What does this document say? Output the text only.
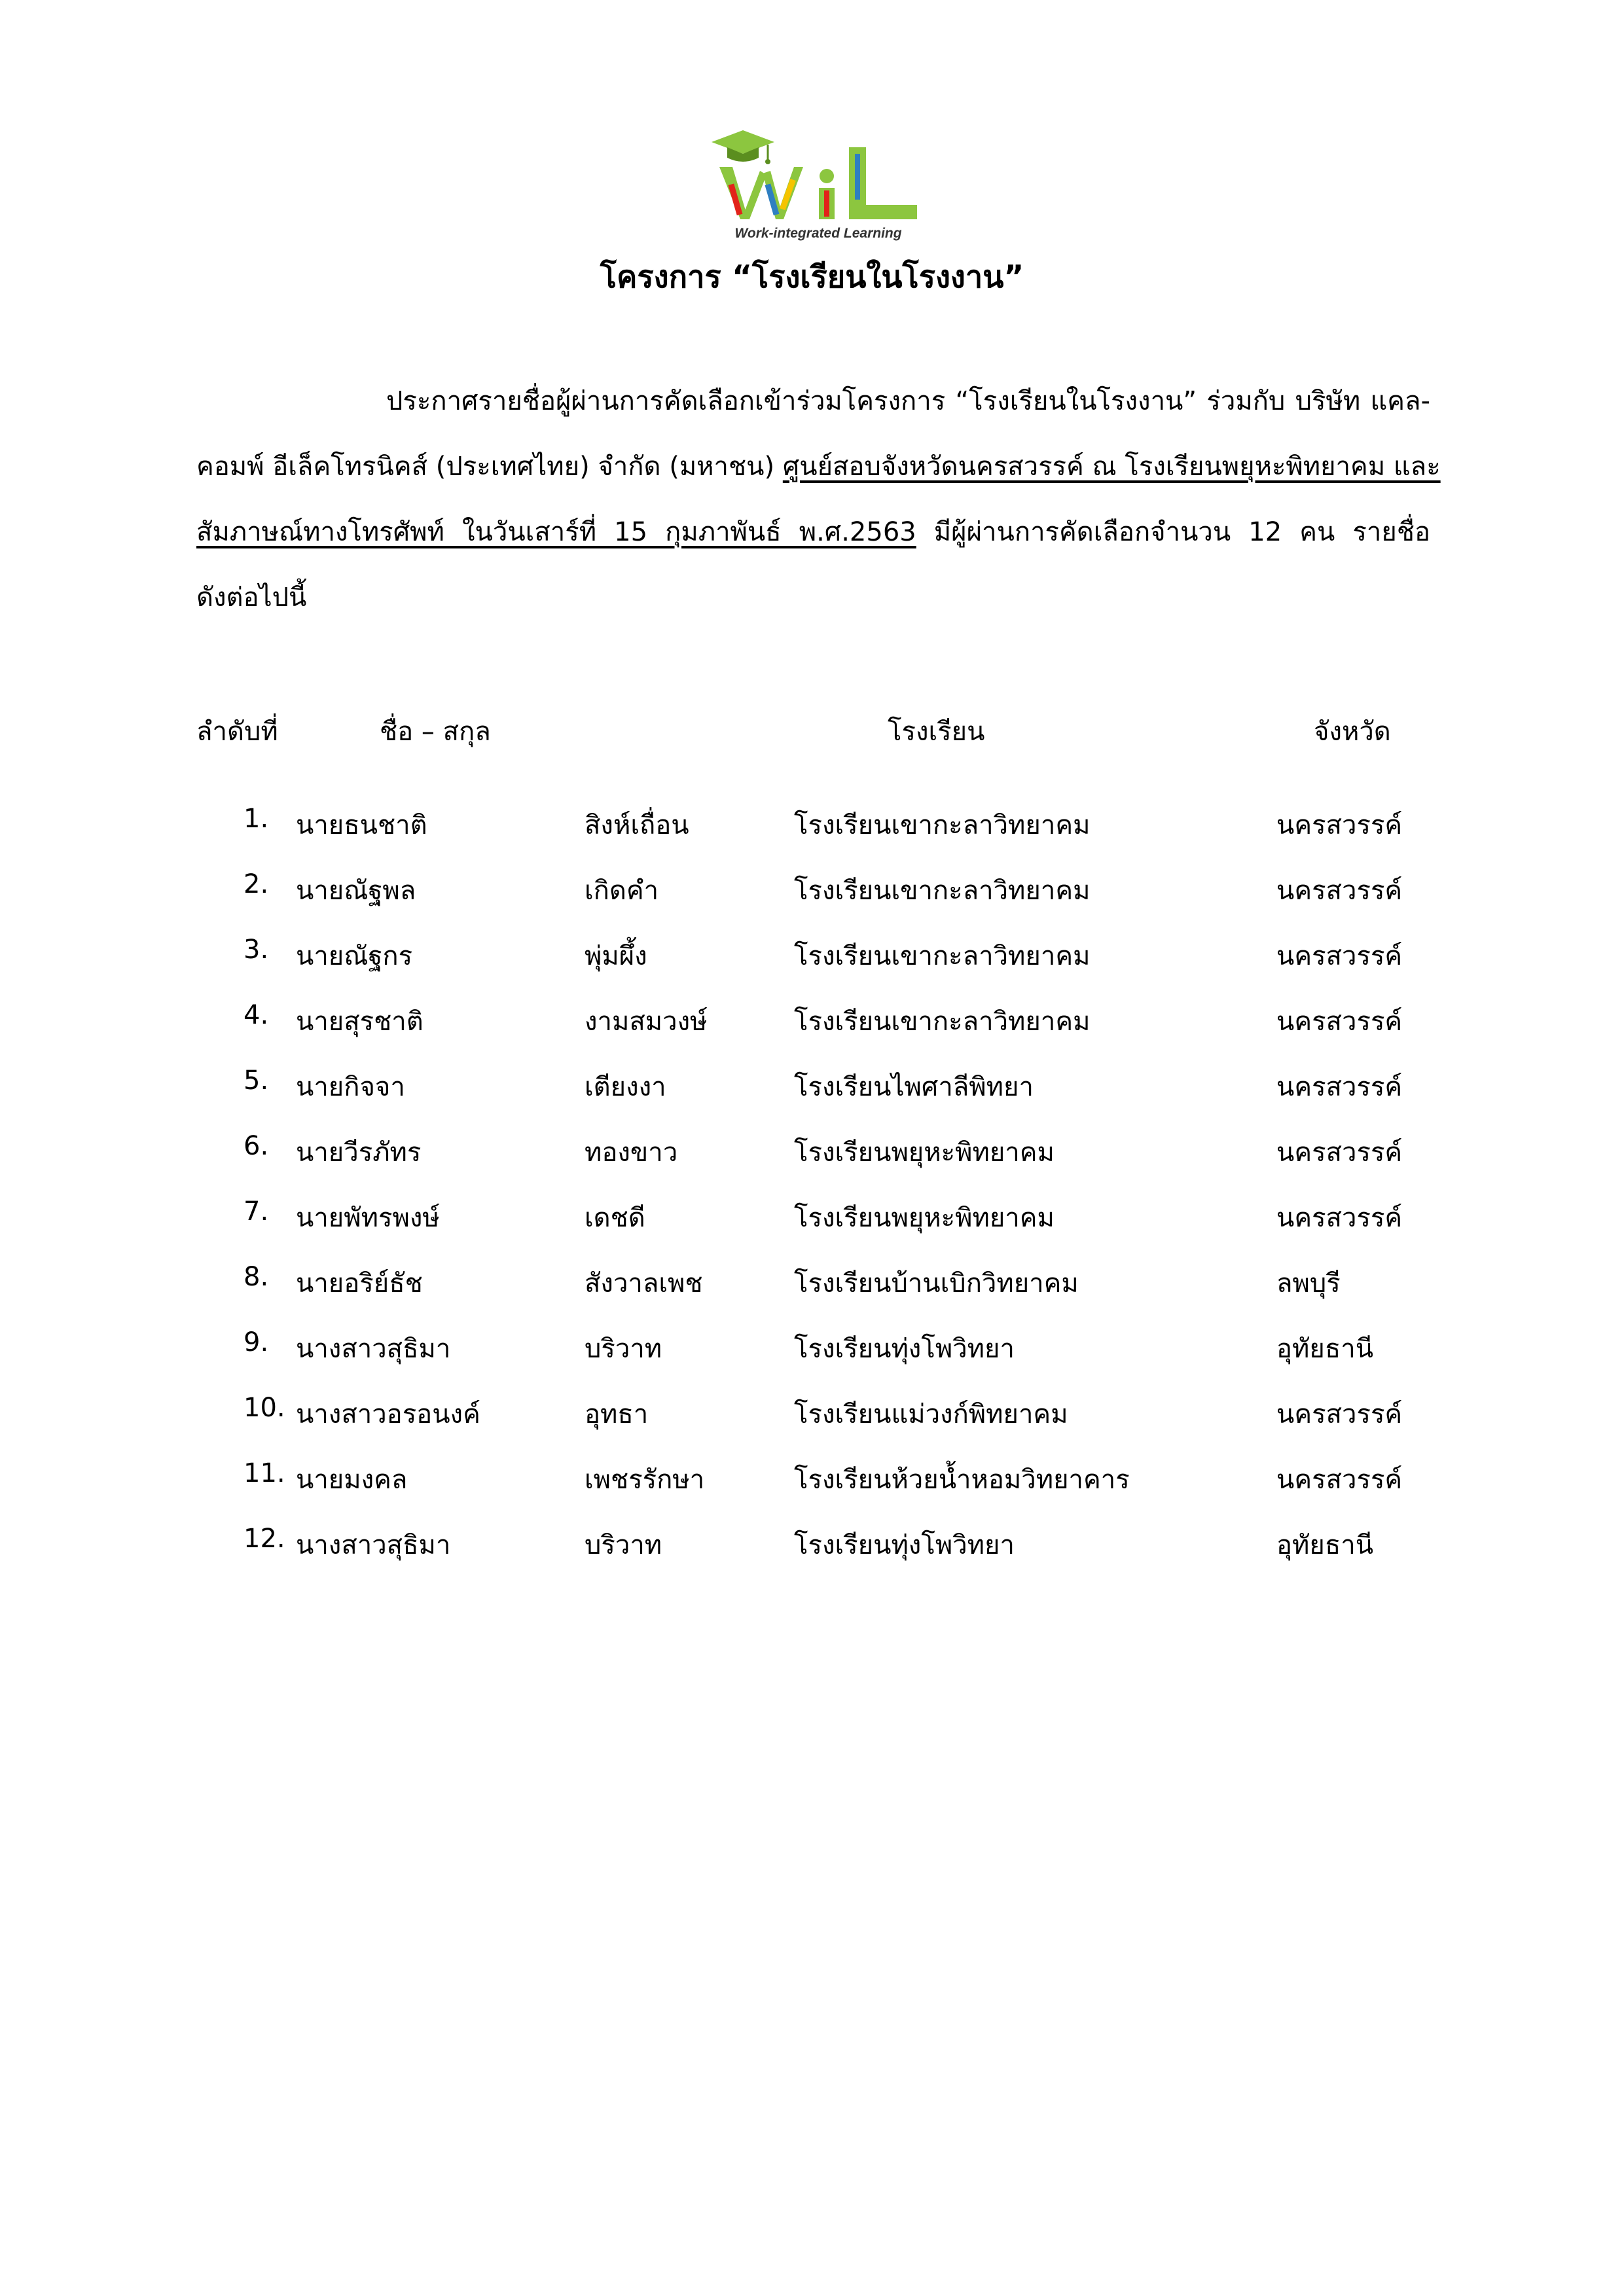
Work-integrated Learning
โครงการ “โรงเรียนในโรงงาน”
ประกาศรายชื่อผู้ผ่านการคัดเลือกเข้าร่วมโครงการ “โรงเรียนในโรงงาน” ร่วมกับ บริษัท แคล-
คอมพ์ อีเล็คโทรนิคส์ (ประเทศไทย) จำกัด (มหาชน) ศูนย์สอบจังหวัดนครสวรรค์ ณ โรงเรียนพยุหะพิทยาคม และ
สัมภาษณ์ทางโทรศัพท์ ในวันเสาร์ที่ 15 กุมภาพันธ์ พ.ศ.2563 มีผู้ผ่านการคัดเลือกจำนวน 12 คน รายชื่อ
ดังต่อไปนี้
ลำดับที่	ชื่อ – สกุล	โรงเรียน	จังหวัด
1.	นายธนชาติ	สิงห์เถื่อน	โรงเรียนเขากะลาวิทยาคม	นครสวรรค์
2.	นายณัฐพล	เกิดคำ	โรงเรียนเขากะลาวิทยาคม	นครสวรรค์
3.	นายณัฐกร	พุ่มผึ้ง	โรงเรียนเขากะลาวิทยาคม	นครสวรรค์
4.	นายสุรชาติ	งามสมวงษ์	โรงเรียนเขากะลาวิทยาคม	นครสวรรค์
5.	นายกิจจา	เตียงงา	โรงเรียนไพศาลีพิทยา	นครสวรรค์
6.	นายวีรภัทร	ทองขาว	โรงเรียนพยุหะพิทยาคม	นครสวรรค์
7.	นายพัทรพงษ์	เดชดี	โรงเรียนพยุหะพิทยาคม	นครสวรรค์
8.	นายอริย์ธัช	สังวาลเพช	โรงเรียนบ้านเบิกวิทยาคม	ลพบุรี
9.	นางสาวสุธิมา	บริวาท	โรงเรียนทุ่งโพวิทยา	อุทัยธานี
10. นางสาวอรอนงค์	อุทธา	โรงเรียนแม่วงก์พิทยาคม	นครสวรรค์
11. นายมงคล	เพชรรักษา	โรงเรียนห้วยน้ำหอมวิทยาคาร	นครสวรรค์
12. นางสาวสุธิมา	บริวาท	โรงเรียนทุ่งโพวิทยา	อุทัยธานี
